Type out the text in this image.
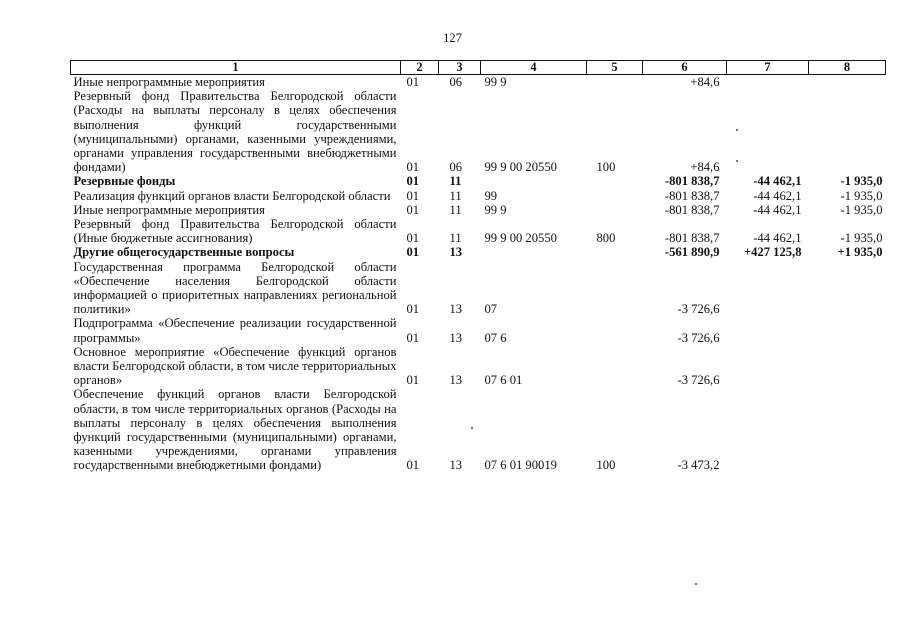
127
1	2	3	4	5	6	7	8

Иные непрограммные мероприятия	01	06	99 9		+84,6		

Резервный фонд Правительства Белгородской области (Расходы на выплаты персоналу в целях обеспечения выполнения функций государственными (муниципальными) органами, казенными учреждениями, органами управления государственными внебюджетными фондами)	01	06	99 9 00 20550	100	+84,6		

Резервные фонды	01	11			-801 838,7	-44 462,1	-1 935,0

Реализация функций органов власти Белгородской области	01	11	99		-801 838,7	-44 462,1	-1 935,0

Иные непрограммные мероприятия	01	11	99 9		-801 838,7	-44 462,1	-1 935,0

Резервный фонд Правительства Белгородской области (Иные бюджетные ассигнования)	01	11	99 9 00 20550	800	-801 838,7	-44 462,1	-1 935,0

Другие общегосударственные вопросы	01	13			-561 890,9	+427 125,8	+1 935,0

Государственная программа Белгородской области «Обеспечение населения Белгородской области информацией о приоритетных направлениях региональной политики»	01	13	07		-3 726,6		

Подпрограмма «Обеспечение реализации государственной программы»	01	13	07 6		-3 726,6		

Основное мероприятие «Обеспечение функций органов власти Белгородской области, в том числе территориальных органов»	01	13	07 6 01		-3 726,6		

Обеспечение функций органов власти Белгородской области, в том числе территориальных органов (Расходы на выплаты персоналу в целях обеспечения выполнения функций государственными (муниципальными) органами, казенными учреждениями, органами управления государственными внебюджетными фондами)	01	13	07 6 01 90019	100	-3 473,2		
